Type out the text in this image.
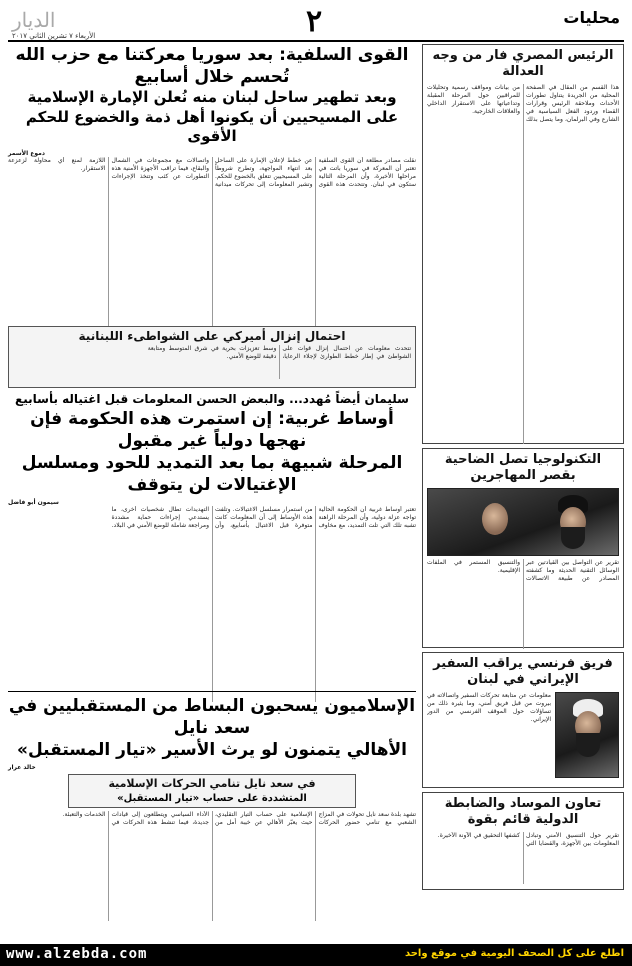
الديار
الأربعاء ٧ تشرين الثاني ٢٠١٧	٢	محليات
الرئيس المصري فار من وجه العدالة
هذا القسم من المقال في الصفحة المحلية من الجريدة يتناول تطورات الأحداث وملاحقة الرئيس وقرارات القضاء وردود الفعل السياسية في الشارع وفي البرلمان، وما يتصل بذلك من بيانات ومواقف رسمية وتحليلات للمراقبين حول المرحلة المقبلة وتداعياتها على الاستقرار الداخلي والعلاقات الخارجية.
التكنولوجيا تصل الضاحية بقصر المهاجرين
تقرير عن التواصل بين القيادتين عبر الوسائل التقنية الحديثة وما كشفته المصادر عن طبيعة الاتصالات والتنسيق المستمر في الملفات الإقليمية.
فريق فرنسي يراقب السفير الإيراني في لبنان
معلومات عن متابعة تحركات السفير واتصالاته في بيروت من قبل فريق أمني، وما يثيره ذلك من تساؤلات حول الموقف الفرنسي من الدور الإيراني.
تعاون الموساد والضابطة الدولية قائم بقوة
تقرير حول التنسيق الأمني وتبادل المعلومات بين الأجهزة، والقضايا التي كشفها التحقيق في الآونة الأخيرة.
القوى السلفية: بعد سوريا معركتنا مع حزب الله تُحسم خلال أسابيع
وبعد تطهير ساحل لبنان منه نُعلن الإمارة الإسلامية
على المسيحيين أن يكونوا أهل ذمة والخضوع للحكم الأقوى
دموع الأسمر
نقلت مصادر مطلعة أن القوى السلفية تعتبر أن المعركة في سوريا باتت في مراحلها الأخيرة، وأن المرحلة التالية ستكون في لبنان. وتتحدث هذه القوى عن خطط لإعلان الإمارة على الساحل بعد انتهاء المواجهة، وتطرح شروطاً على المسيحيين تتعلق بالخضوع للحكم. وتشير المعلومات إلى تحركات ميدانية واتصالات مع مجموعات في الشمال والبقاع، فيما تراقب الأجهزة الأمنية هذه التطورات عن كثب وتتخذ الإجراءات اللازمة لمنع أي محاولة لزعزعة الاستقرار.
احتمال إنزال أميركي على الشواطىء اللبنانية
تتحدث معلومات عن احتمال إنزال قوات على الشواطئ في إطار خطط الطوارئ لإجلاء الرعايا، وسط تعزيزات بحرية في شرق المتوسط ومتابعة دقيقة للوضع الأمني.
سليمان أيضاً مُهدد... والبعض الحسن المعلومات قبل اغتياله بأسابيع
أوساط غربية: إن استمرت هذه الحكومة فإن نهجها دولياً غير مقبول
المرحلة شبيهة بما بعد التمديد للحود ومسلسل الإغتيالات لن يتوقف
سيمون أبو فاضل
تعتبر أوساط غربية أن الحكومة الحالية تواجه عزلة دولية، وأن المرحلة الراهنة تشبه تلك التي تلت التمديد، مع مخاوف من استمرار مسلسل الاغتيالات. وتلفت هذه الأوساط إلى أن المعلومات كانت متوفرة قبل الاغتيال بأسابيع، وأن التهديدات تطال شخصيات أخرى، ما يستدعي إجراءات حماية مشددة ومراجعة شاملة للوضع الأمني في البلاد.
الإسلاميون يسحبون البساط من المستقبليين في سعد نايل
الأهالي يتمنون لو يرث الأسير «تيار المستقبل»
خالد عرار
في سعد نايل تنامي الحركات الإسلامية
المتشددة على حساب «تيار المستقبل»
تشهد بلدة سعد نايل تحولات في المزاج الشعبي مع تنامي حضور الحركات الإسلامية على حساب التيار التقليدي، حيث يعبّر الأهالي عن خيبة أمل من الأداء السياسي ويتطلعون إلى قيادات جديدة، فيما تنشط هذه الحركات في الخدمات والتعبئة.
www.alzebda.com	اطلع على كل الصحف اليومية في موقع واحد
